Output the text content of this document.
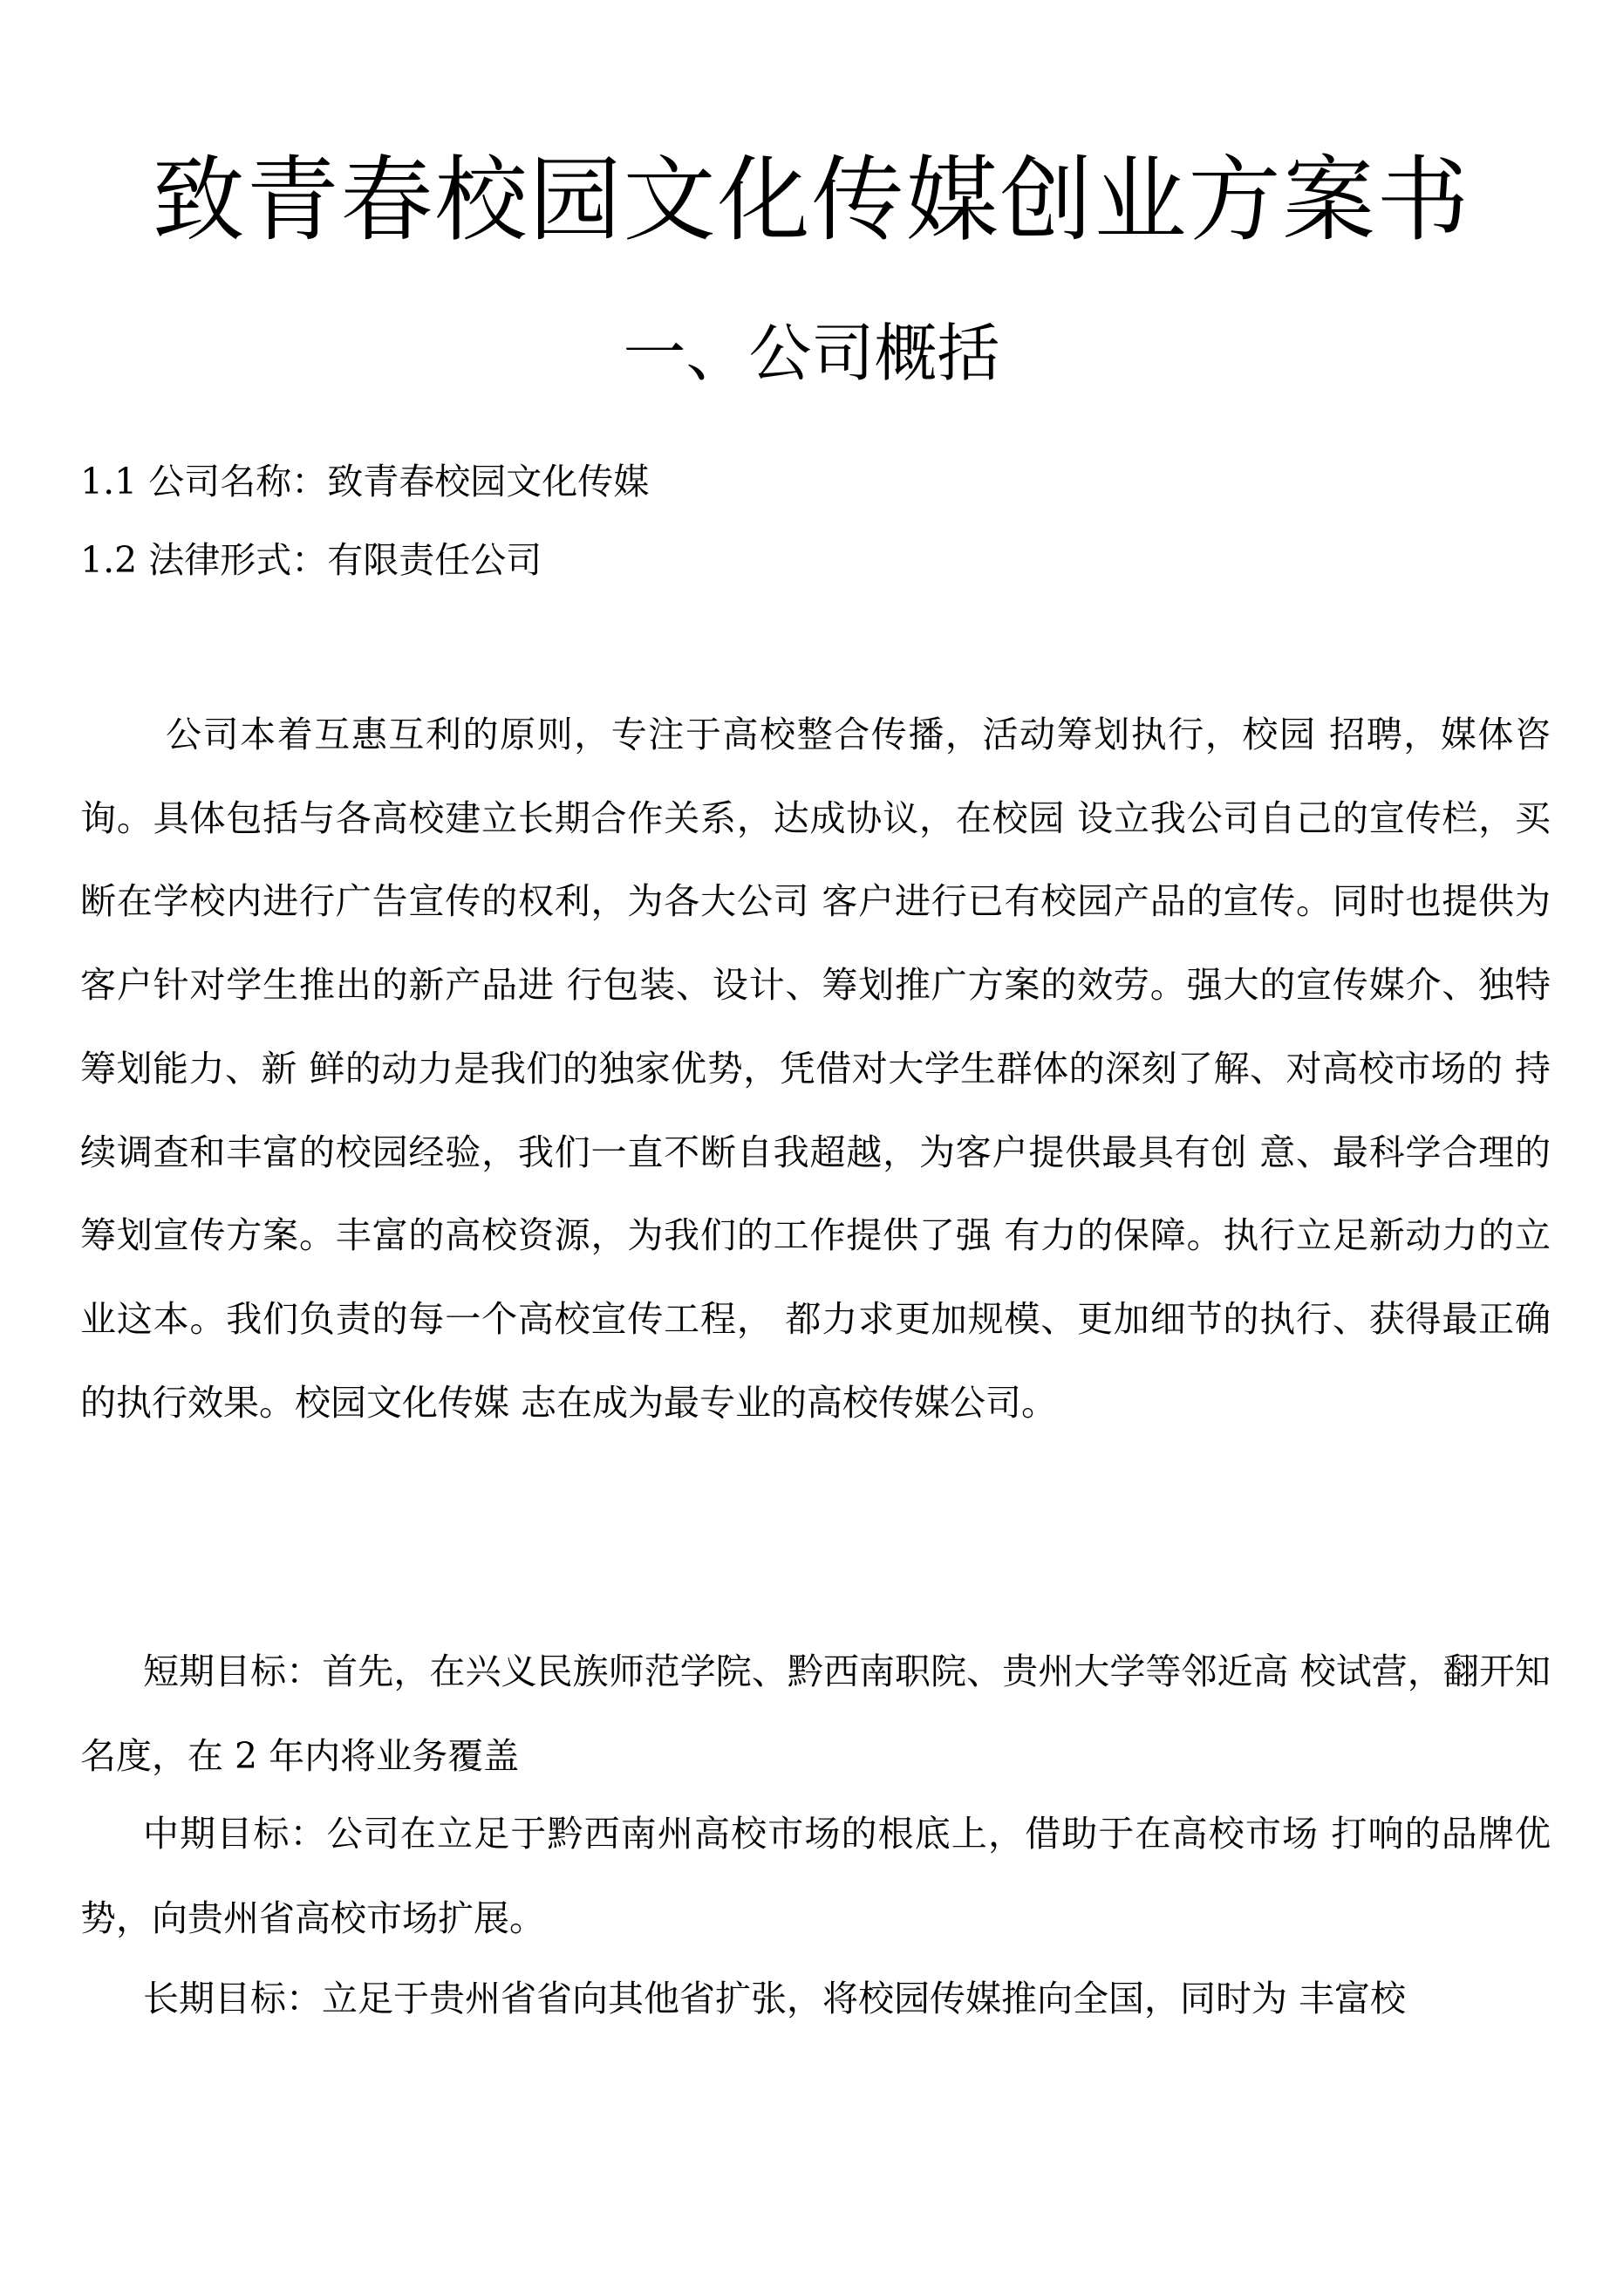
致青春校园文化传媒创业方案书
一、公司概括

1.1 公司名称：致青春校园文化传媒

1.2 法律形式：有限责任公司

公司本着互惠互利的原则，专注于高校整合传播，活动筹划执行，校园 招聘，媒体咨询。具体包括与各高校建立长期合作关系，达成协议，在校园 设立我公司自己的宣传栏，买断在学校内进行广告宣传的权利，为各大公司 客户进行已有校园产品的宣传。同时也提供为客户针对学生推出的新产品进 行包装、设计、筹划推广方案的效劳。强大的宣传媒介、独特筹划能力、新 鲜的动力是我们的独家优势，凭借对大学生群体的深刻了解、对高校市场的 持续调查和丰富的校园经验，我们一直不断自我超越，为客户提供最具有创 意、最科学合理的筹划宣传方案。丰富的高校资源，为我们的工作提供了强 有力的保障。执行立足新动力的立业这本。我们负责的每一个高校宣传工程， 都力求更加规模、更加细节的执行、获得最正确的执行效果。校园文化传媒 志在成为最专业的高校传媒公司。

短期目标：首先，在兴义民族师范学院、黔西南职院、贵州大学等邻近高 校试营，翻开知名度，在 2 年内将业务覆盖

中期目标：公司在立足于黔西南州高校市场的根底上，借助于在高校市场 打响的品牌优势，向贵州省高校市场扩展。

长期目标：立足于贵州省省向其他省扩张，将校园传媒推向全国，同时为 丰富校
